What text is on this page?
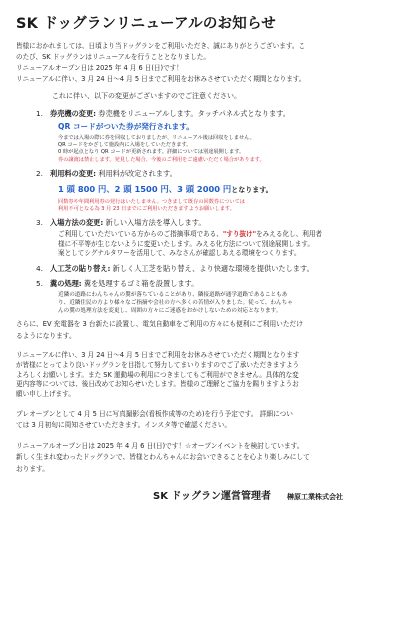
SK ドッグランリニューアルのお知らせ

皆様におかれましては、日頃より当ドッグランをご利用いただき、誠にありがとうございます。こ

のたび、SK ドッグランはリニューアルを行うこととなりました。

リニューアルオープン日は 2025 年 4 月 6 日(日)です！

リニューアルに伴い、3 月 24 日～4 月 5 日までご利用をお休みさせていただく期間となります。

これに伴い、以下の変更がございますのでご注意ください。

1. 券売機の変更: 券売機をリニューアルします。タッチパネル式となります。

QR コードがついた券が発行されます。

今までは入場の際に券を回収しておりましたが、リニューアル後は回収をしません。

QR コードをかざして施設内に入場をしていただきます。

0 時が起点となり QR コードが更新されます。詳細については別途展開します。

券の譲渡は禁止します。発見した場合、今後のご利用をご遠慮いただく場合があります。

2. 利用料の変更: 利用料が改定されます。

1 頭 800 円、2 頭 1500 円、3 頭 2000 円となります。

回数券や年間利用券の発行はいたしません。つきまして既存の回数券については

利用不可となる為 3 月 23 日までにご利用いただきますようお願いします。

3. 入場方法の変更: 新しい入場方法を導入します。

ご利用していただいている方からのご指摘事項である、"すり抜け"をみえる化し、利用者

様に不平等が生じないように変更いたします。みえる化方法について別途展開します。

案としてシグナルタワーを活用して、みなさんが確認しあえる環境をつくります。

4. 人工芝の貼り替え: 新しく人工芝を貼り替え、より快適な環境を提供いたします。

5. 糞の処理: 糞を処理するゴミ箱を設置します。

近隣の道路にわんちゃんの糞が落ちていることがあり、隣接道路が通学道路であることもあ

り、近隣住民の方より様々なご指摘や会社の方へ多くの苦情が入りました。従って、わんちゃ

んの糞の処理方法を変更し、周囲の方々にご迷惑をおかけしないための対応となります。

さらに、EV 充電器を 3 台新たに設置し、電気自動車をご利用の方々にも便利にご利用いただけ

るようになります。

リニューアルに伴い、3 月 24 日～4 月 5 日までご利用をお休みさせていただく期間となります

が皆様にとってより良いドッグランを目指して努力してまいりますのでご了承いただきますよう

よろしくお願いします。また SK 運動場の利用につきましてもご利用ができません。具体的な変

更内容等については、後日改めてお知らせいたします。皆様のご理解とご協力を賜りますようお

願い申し上げます。

プレオープンとして 4 月 5 日に写真撮影会(看板作成等のため)を行う予定です。 詳細につい

ては 3 月初旬に周知させていただきます。インスタ等で確認ください。

リニューアルオープン日は 2025 年 4 月 6 日(日)です！☆オープンイベントを検討しています。

新しく生まれ変わったドッグランで、皆様とわんちゃんにお会いできることを心より楽しみにして

おります。

SK ドッグラン運営管理者 榊原工業株式会社
